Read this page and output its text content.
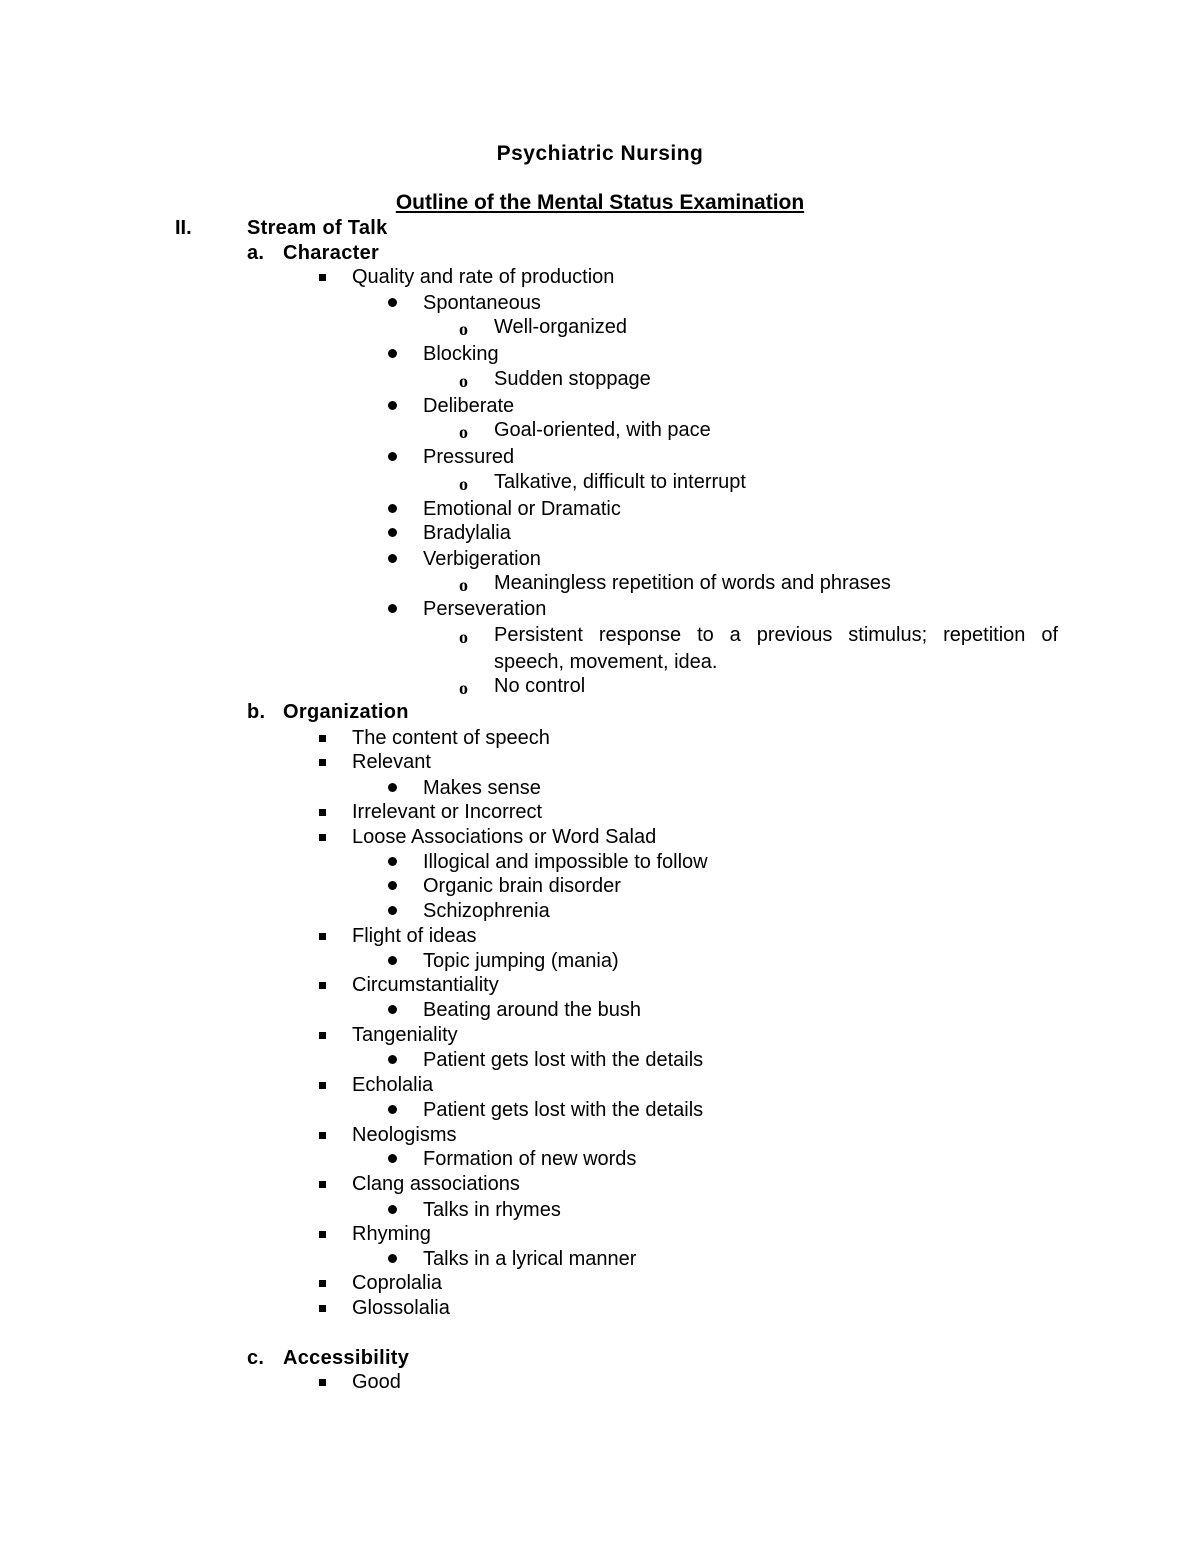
Psychiatric Nursing
Outline of the Mental Status Examination
II.	Stream of Talk
a. Character
b. Organization
c. Accessibility
Quality and rate of production
Spontaneous
o Well-organized
Blocking
o Sudden stoppage
Deliberate
o Goal-oriented, with pace
Pressured
o Talkative, difficult to interrupt
Emotional or Dramatic
Bradylalia
Verbigeration
o Meaningless repetition of words and phrases
Perseveration
o Persistent response to a previous stimulus; repetition of speech, movement, idea.
o No control
The content of speech
Relevant
Makes sense
Irrelevant or Incorrect
Loose Associations or Word Salad
Illogical and impossible to follow
Organic brain disorder
Schizophrenia
Flight of ideas
Topic jumping (mania)
Circumstantiality
Beating around the bush
Tangeniality
Patient gets lost with the details
Echolalia
Patient gets lost with the details
Neologisms
Formation of new words
Clang associations
Talks in rhymes
Rhyming
Talks in a lyrical manner
Coprolalia
Glossolalia
Good
